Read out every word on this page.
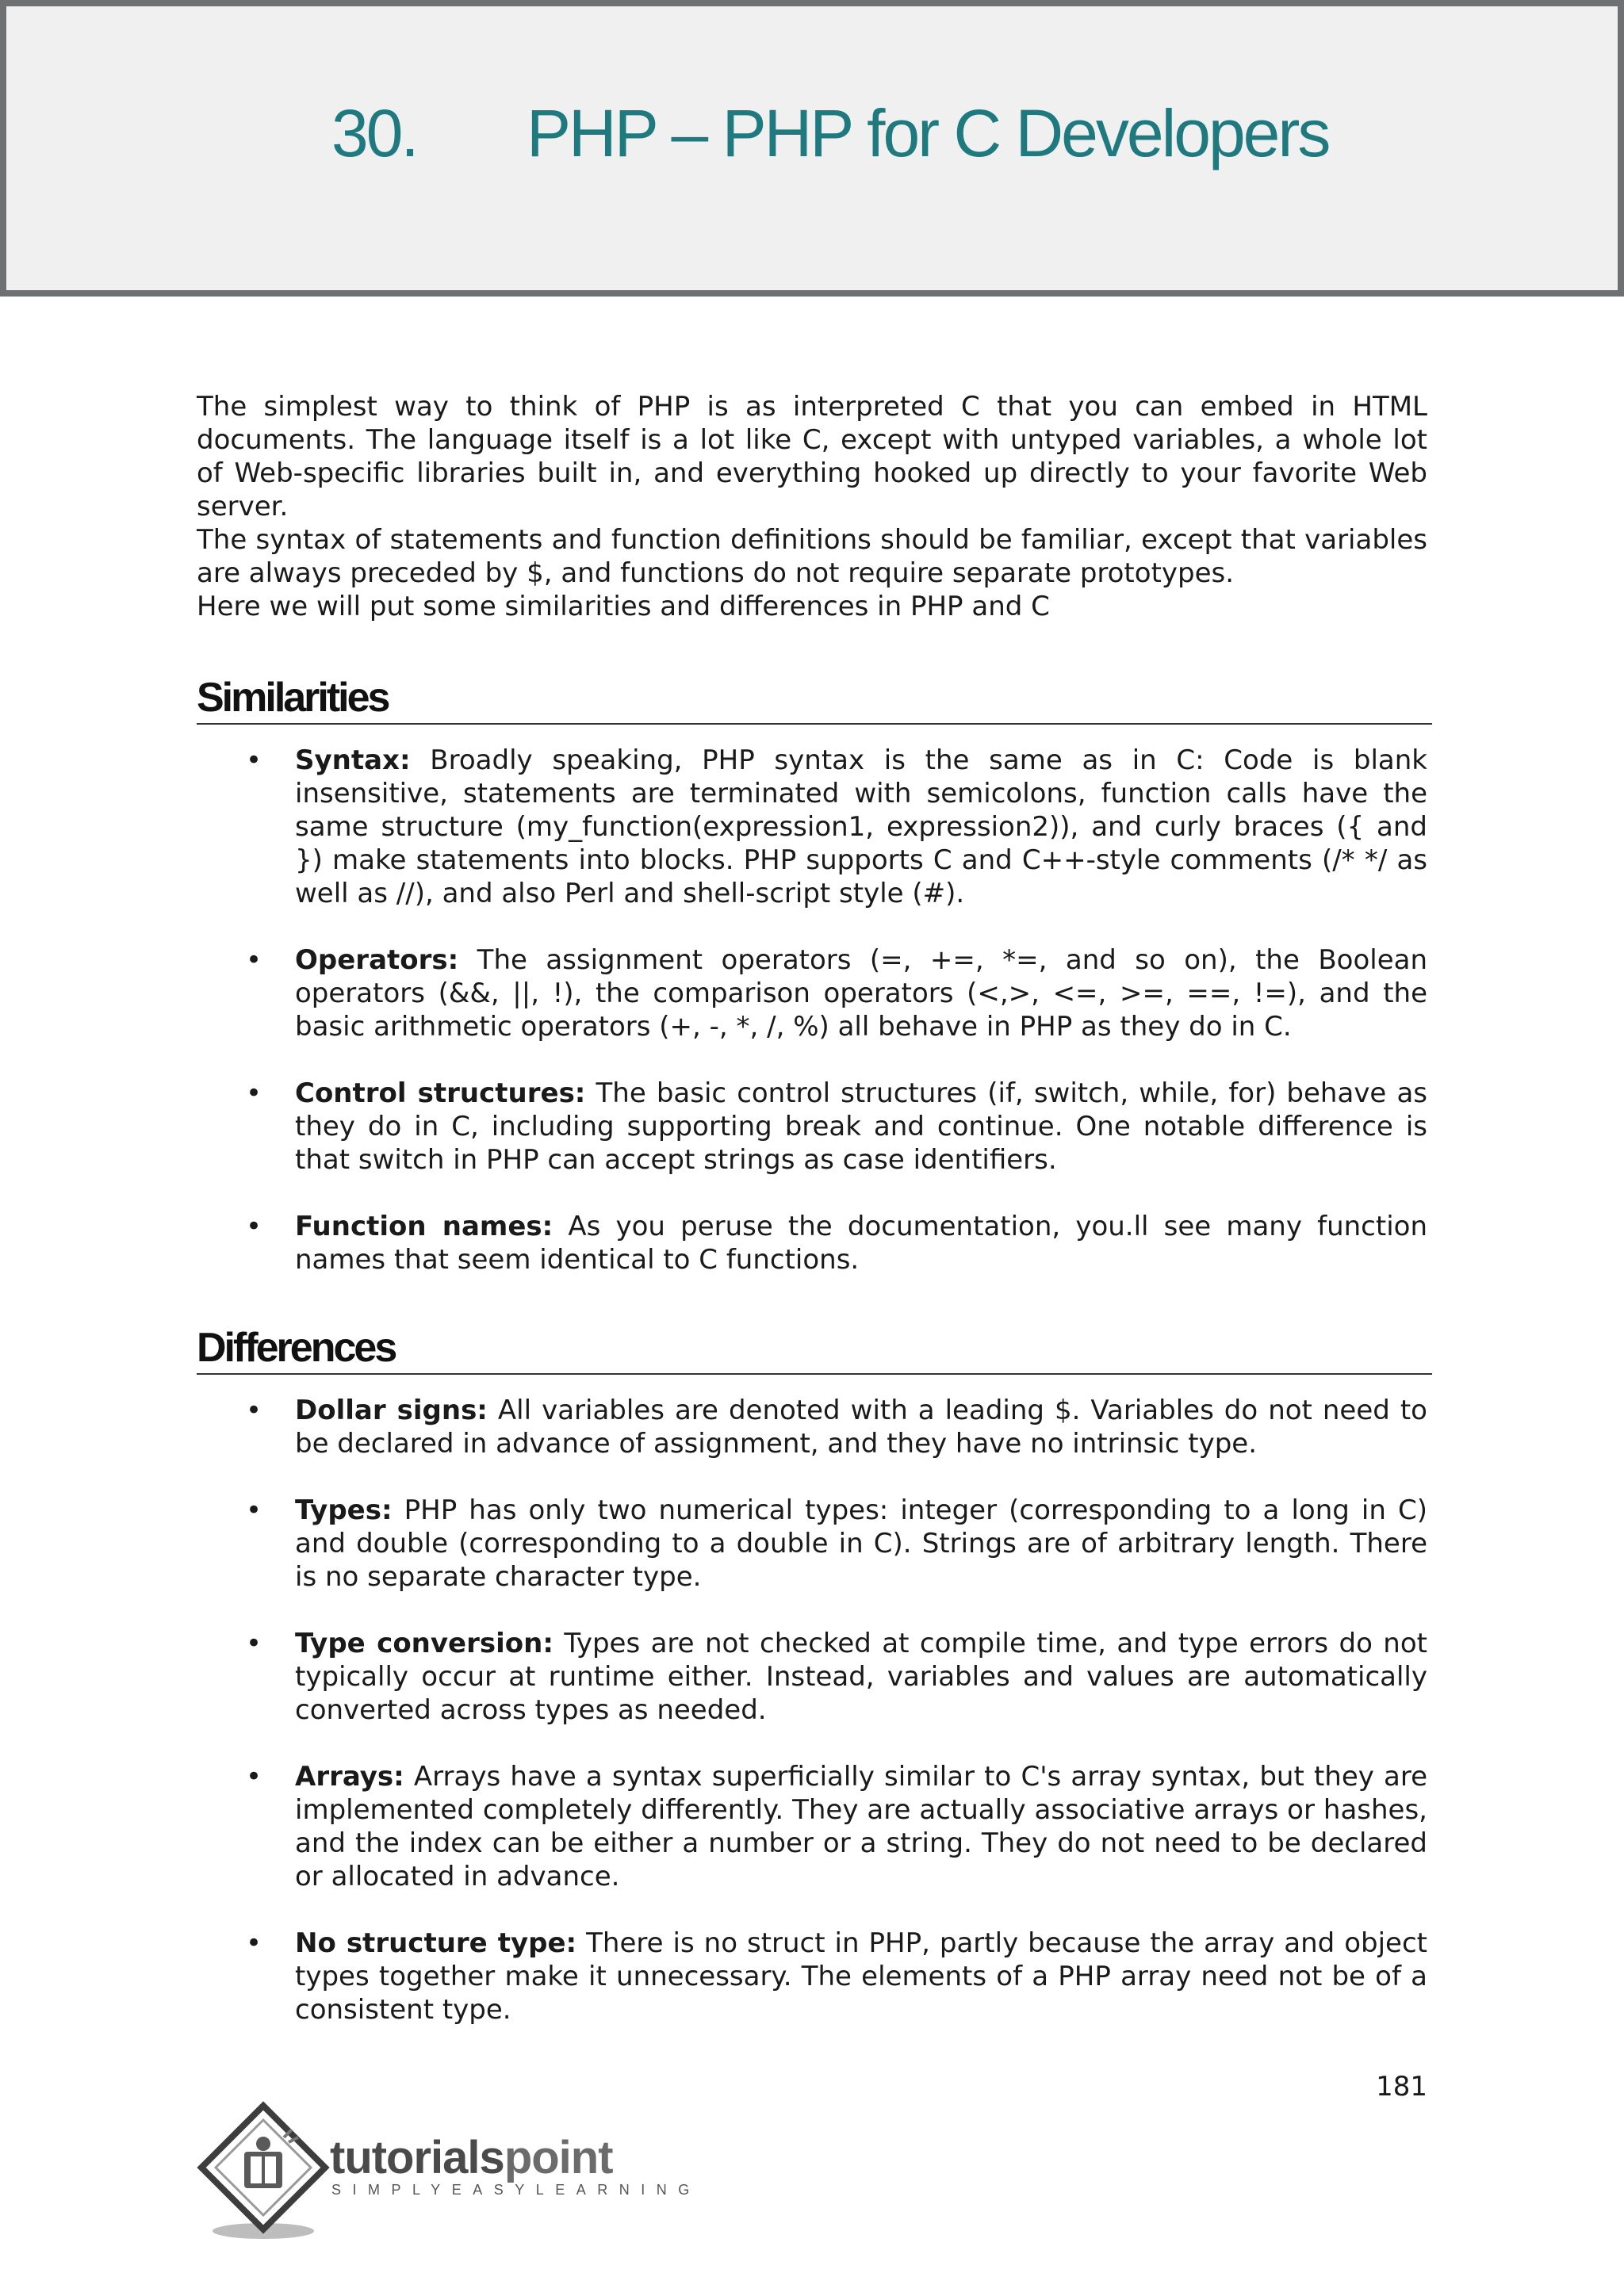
30. PHP – PHP for C Developers

The simplest way to think of PHP is as interpreted C that you can embed in HTML documents. The language itself is a lot like C, except with untyped variables, a whole lot of Web-specific libraries built in, and everything hooked up directly to your favorite Web server.

The syntax of statements and function definitions should be familiar, except that variables are always preceded by $, and functions do not require separate prototypes.

Here we will put some similarities and differences in PHP and C

Similarities
• Syntax: Broadly speaking, PHP syntax is the same as in C: Code is blank insensitive, statements are terminated with semicolons, function calls have the same structure (my_function(expression1, expression2)), and curly braces ({ and }) make statements into blocks. PHP supports C and C++-style comments (/* */ as well as //), and also Perl and shell-script style (#).

• Operators: The assignment operators (=, +=, *=, and so on), the Boolean operators (&&, ||, !), the comparison operators (<,>, <=, >=, ==, !=), and the basic arithmetic operators (+, -, *, /, %) all behave in PHP as they do in C.

• Control structures: The basic control structures (if, switch, while, for) behave as they do in C, including supporting break and continue. One notable difference is that switch in PHP can accept strings as case identifiers.

• Function names: As you peruse the documentation, you.ll see many function names that seem identical to C functions.

Differences
• Dollar signs: All variables are denoted with a leading $. Variables do not need to be declared in advance of assignment, and they have no intrinsic type.

• Types: PHP has only two numerical types: integer (corresponding to a long in C) and double (corresponding to a double in C). Strings are of arbitrary length. There is no separate character type.

• Type conversion: Types are not checked at compile time, and type errors do not typically occur at runtime either. Instead, variables and values are automatically converted across types as needed.

• Arrays: Arrays have a syntax superficially similar to C's array syntax, but they are implemented completely differently. They are actually associative arrays or hashes, and the index can be either a number or a string. They do not need to be declared or allocated in advance.

• No structure type: There is no struct in PHP, partly because the array and object types together make it unnecessary. The elements of a PHP array need not be of a consistent type.

181
tutorialspoint
SIMPLYEASYLEARNING
